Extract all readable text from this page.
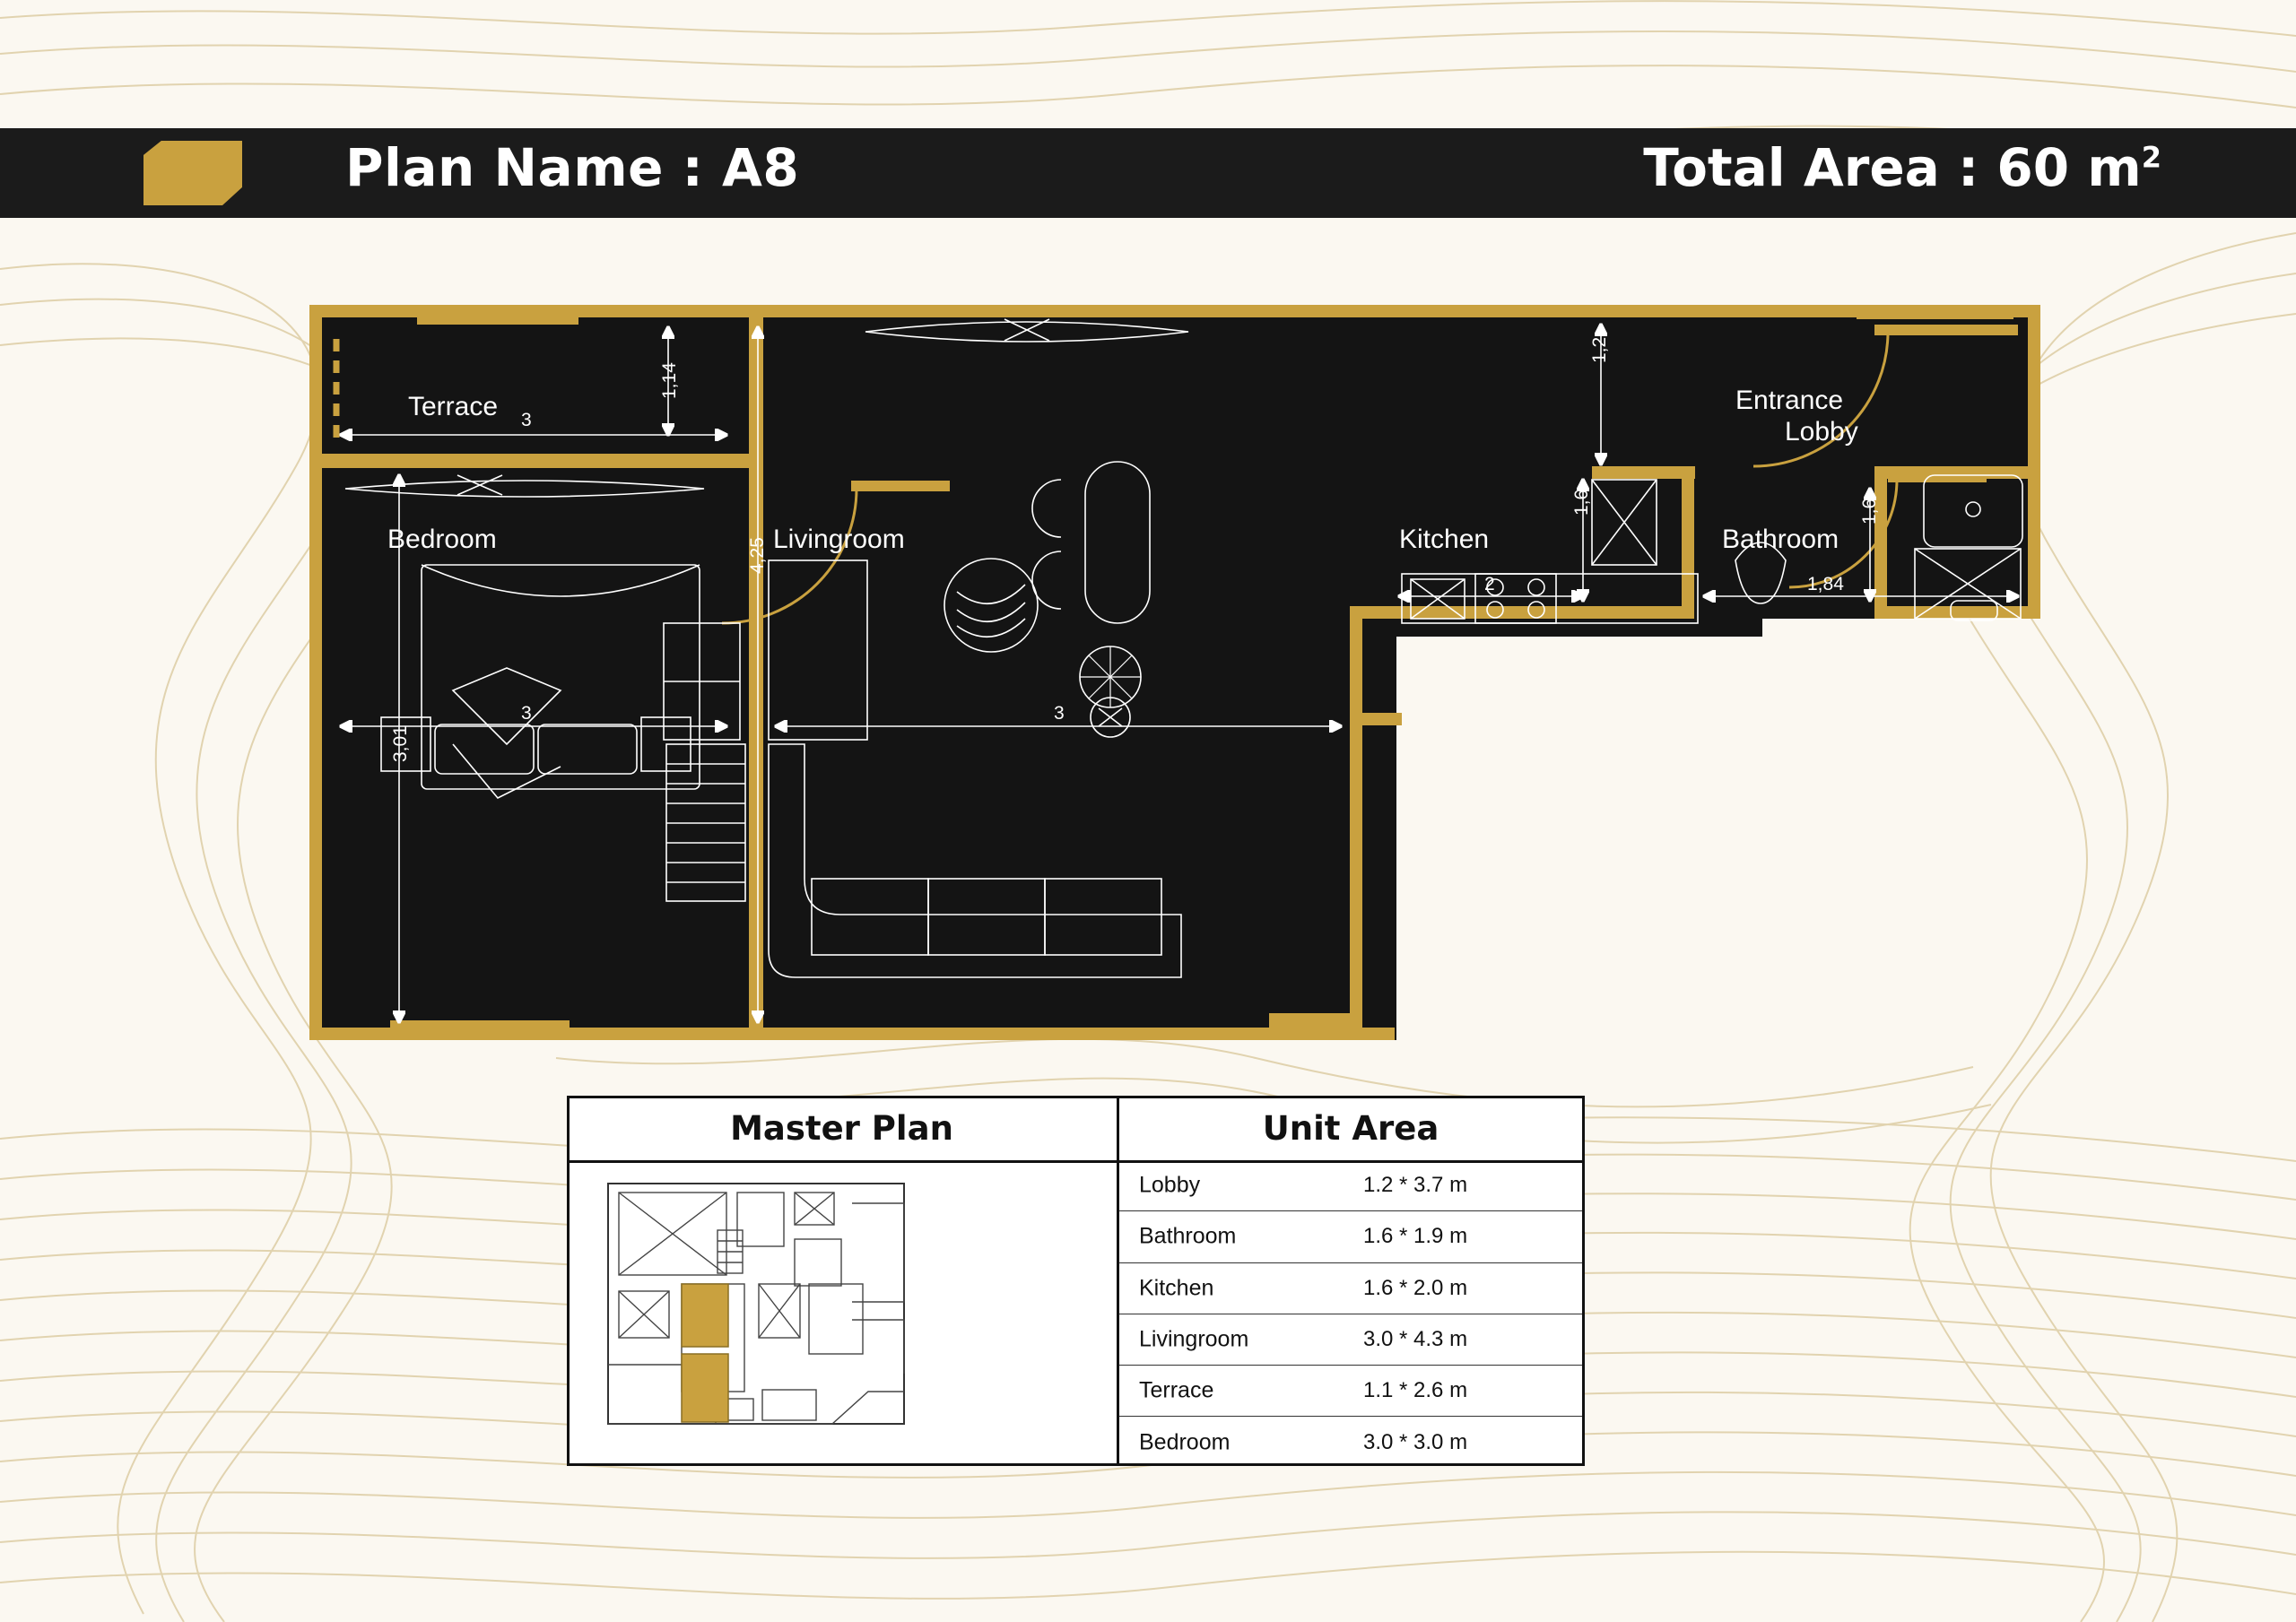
Plan Name : A8	Total Area : 60 $m^2$
Terrace
Bedroom	Livingroom	Kitchen
Entrance
Lobby
Bathroom
3
1,14
3,01
3
4,25
3
2
1,6
1,2
1,84
1,6
Master Plan	Unit Area
Lobby	1.2 * 3.7 m
Bathroom	1.6 * 1.9 m
Kitchen	1.6 * 2.0 m
Livingroom	3.0 * 4.3 m
Terrace	1.1 * 2.6 m
Bedroom	3.0 * 3.0 m
